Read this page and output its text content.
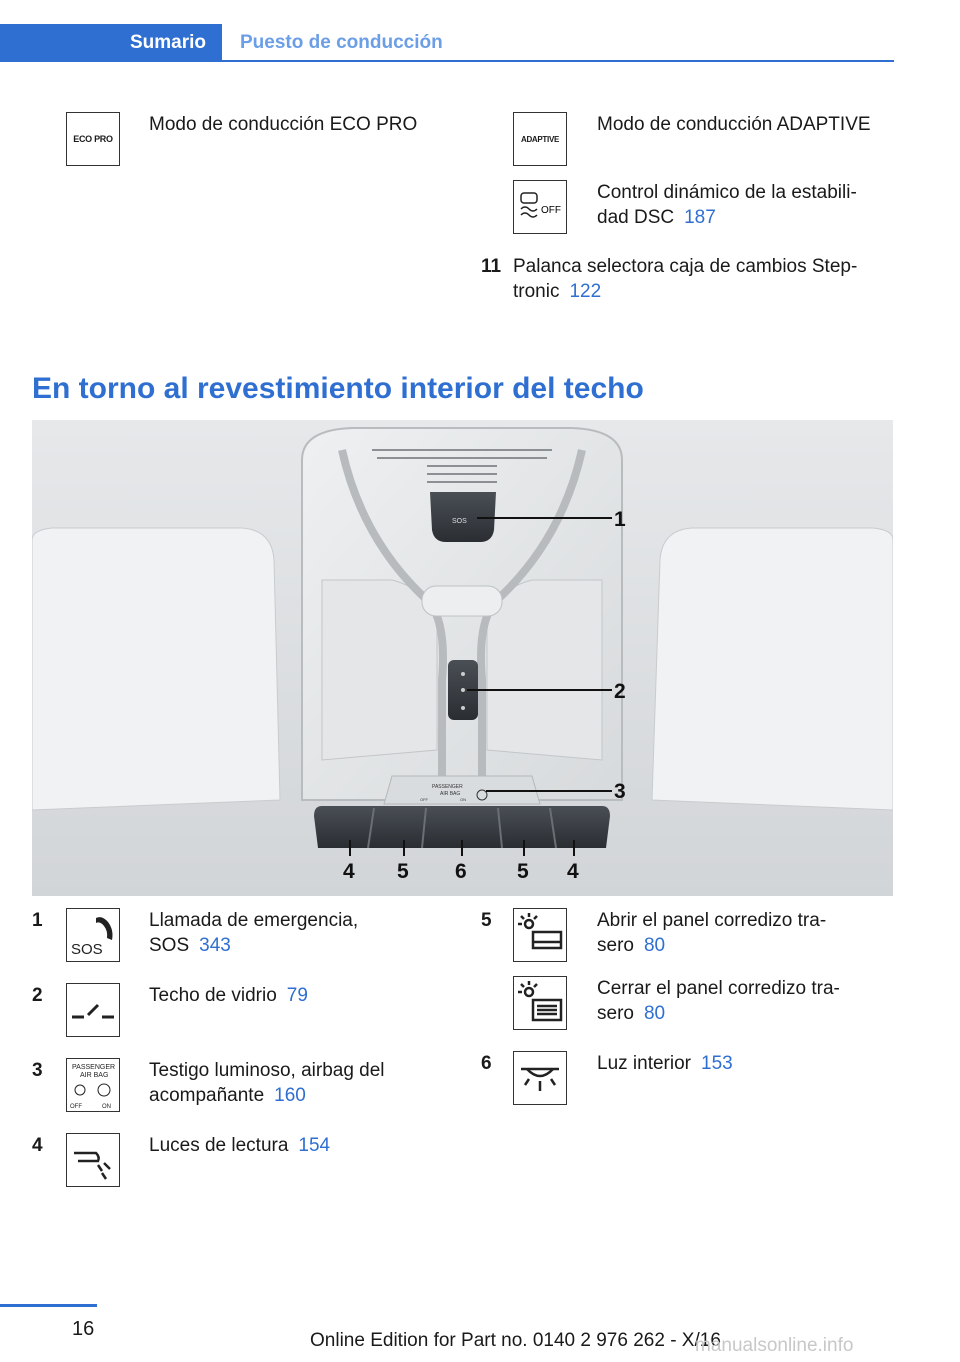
Sumario	Puesto de conducción
ECO PRO
Modo de conducción ECO PRO
ADAPTIVE
Modo de conducción ADAPTIVE
OFF
Control dinámico de la estabili-
dad DSC 187
11 Palanca selectora caja de cambios Step-
tronic 122
En torno al revestimiento interior del techo
SOS
PASSENGER
AIR BAG
OFF	ON
1
2
3
4 5 6 5 4
1
SOS
Llamada de emergencia,
SOS 343
2	Techo de vidrio 79
3	PASSENGER
AIR BAG
OFF	ON
Testigo luminoso, airbag del
acompañante 160
4	Luces de lectura 154
5	Abrir el panel corredizo tra-
sero 80
Cerrar el panel corredizo tra-
sero 80
6	Luz interior 153
16
Online Edition for Part no. 0140 2 976 262 - X/16
manualsonline.info
